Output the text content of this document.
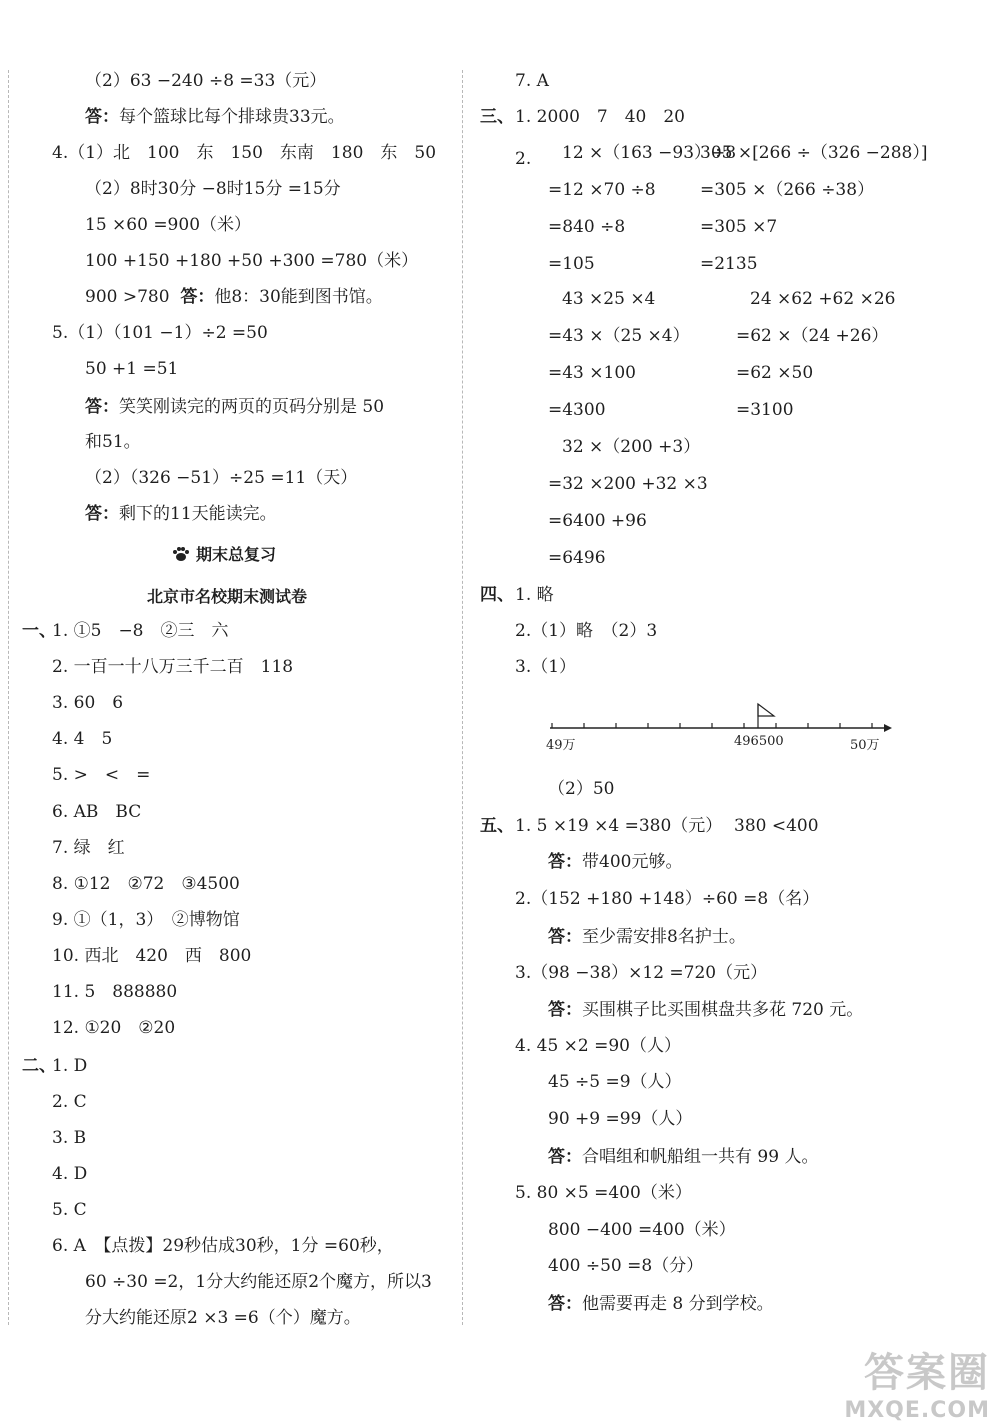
（2）63 −240 ÷8 =33（元）
答：每个篮球比每个排球贵33元。
4.（1）北　100　东　150　东南　180　东　50
（2）8时30分 −8时15分 =15分
15 ×60 =900（米）
100 +150 +180 +50 +300 =780（米）
900 >780 答：他8：30能到图书馆。
5.（1）（101 −1）÷2 =50
50 +1 =51
答：笑笑刚读完的两页的页码分别是 50
和51。
（2）（326 −51）÷25 =11（天）
答：剩下的11天能读完。
期末总复习
北京市名校期末测试卷
一、
1. ①5　−8　②三　六
2. 一百一十八万三千二百　118
3. 60　6
4. 4　5
5. >　<　=
6. AB　BC
7. 绿　红
8. ①12　②72　③4500
9. ①（1，3）　②博物馆
10. 西北　420　西　800
11. 5　888880
12. ①20　②20
二、
1. D
2. C
3. B
4. D
5. C
6. A　【点拨】29秒估成30秒，1分 =60秒，
60 ÷30 =2，1分大约能还原2个魔方，所以3
分大约能还原2 ×3 =6（个）魔方。
7. A
三、 1. 2000　7　40　20
2. 12 ×（163 −93）÷8
=12 ×70 ÷8
=840 ÷8
=105
305 ×[266 ÷（326 −288）]
=305 ×（266 ÷38）
=305 ×7
=2135
43 ×25 ×4
=43 ×（25 ×4）
=43 ×100
=4300
24 ×62 +62 ×26
=62 ×（24 +26）
=62 ×50
=3100
32 ×（200 +3）
=32 ×200 +32 ×3
=6400 +96
=6496
四、 1. 略
2.（1）略　（2）3
3.（1）
49万	496500	50万
（2）50
五、 1. 5 ×19 ×4 =380（元） 380 <400
答：带400元够。
2.（152 +180 +148）÷60 =8（名）
答：至少需安排8名护士。
3.（98 −38）×12 =720（元）
答：买围棋子比买围棋盘共多花 720 元。
4. 45 ×2 =90（人）
45 ÷5 =9（人）
90 +9 =99（人）
答：合唱组和帆船组一共有 99 人。
5. 80 ×5 =400（米）
800 −400 =400（米）
400 ÷50 =8（分）
答：他需要再走 8 分到学校。
答案圈
MXQE.COM
